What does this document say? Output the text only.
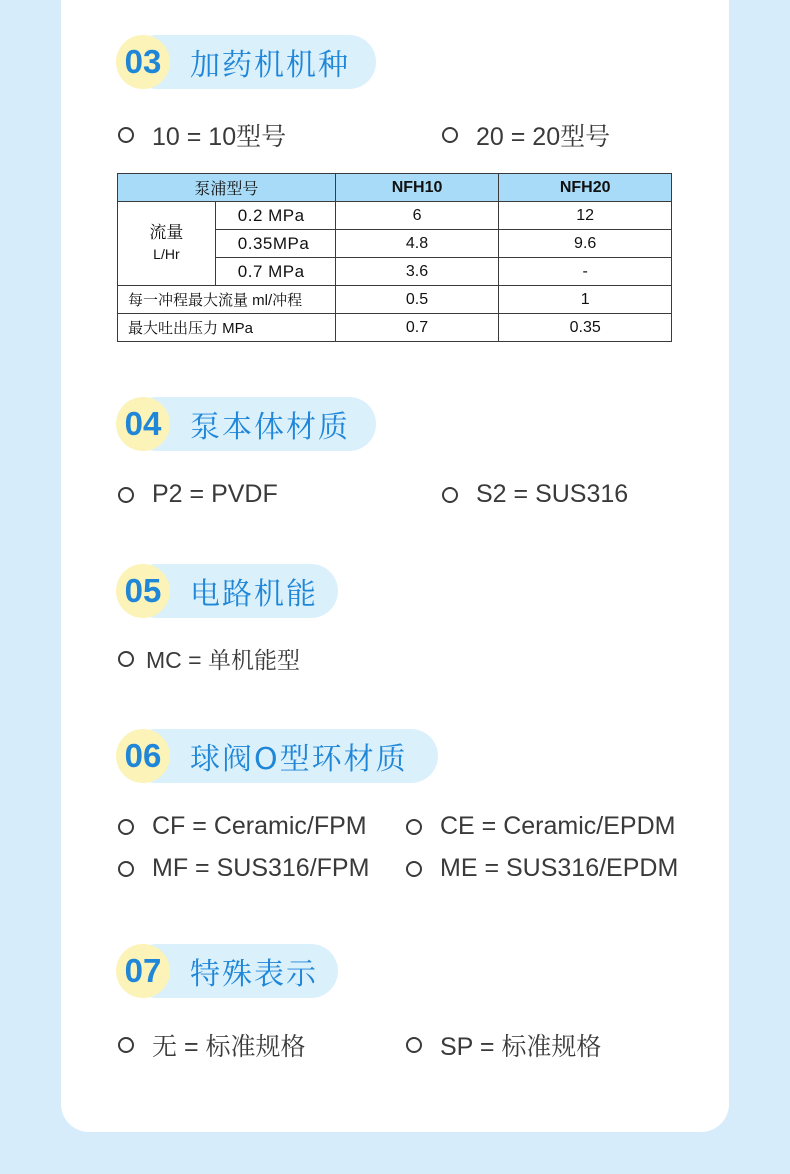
03 加药机机种
10 = 10型号	20 = 20型号
泵浦型号		NFH10	NFH20

流量
L/Hr	0.2 MPa	6	12
	0.35MPa	4.8	9.6
	0.7 MPa	3.6	-
每一冲程最大流量 ml/冲程		0.5	1
最大吐出压力 MPa		0.7	0.35
04 泵本体材质
P2 = PVDF	S2 = SUS316
05 电路机能
MC = 单机能型
06 球阀O型环材质
CF = Ceramic/FPM	CE = Ceramic/EPDM
MF = SUS316/FPM	ME = SUS316/EPDM
07 特殊表示
无 = 标准规格	SP = 标准规格
